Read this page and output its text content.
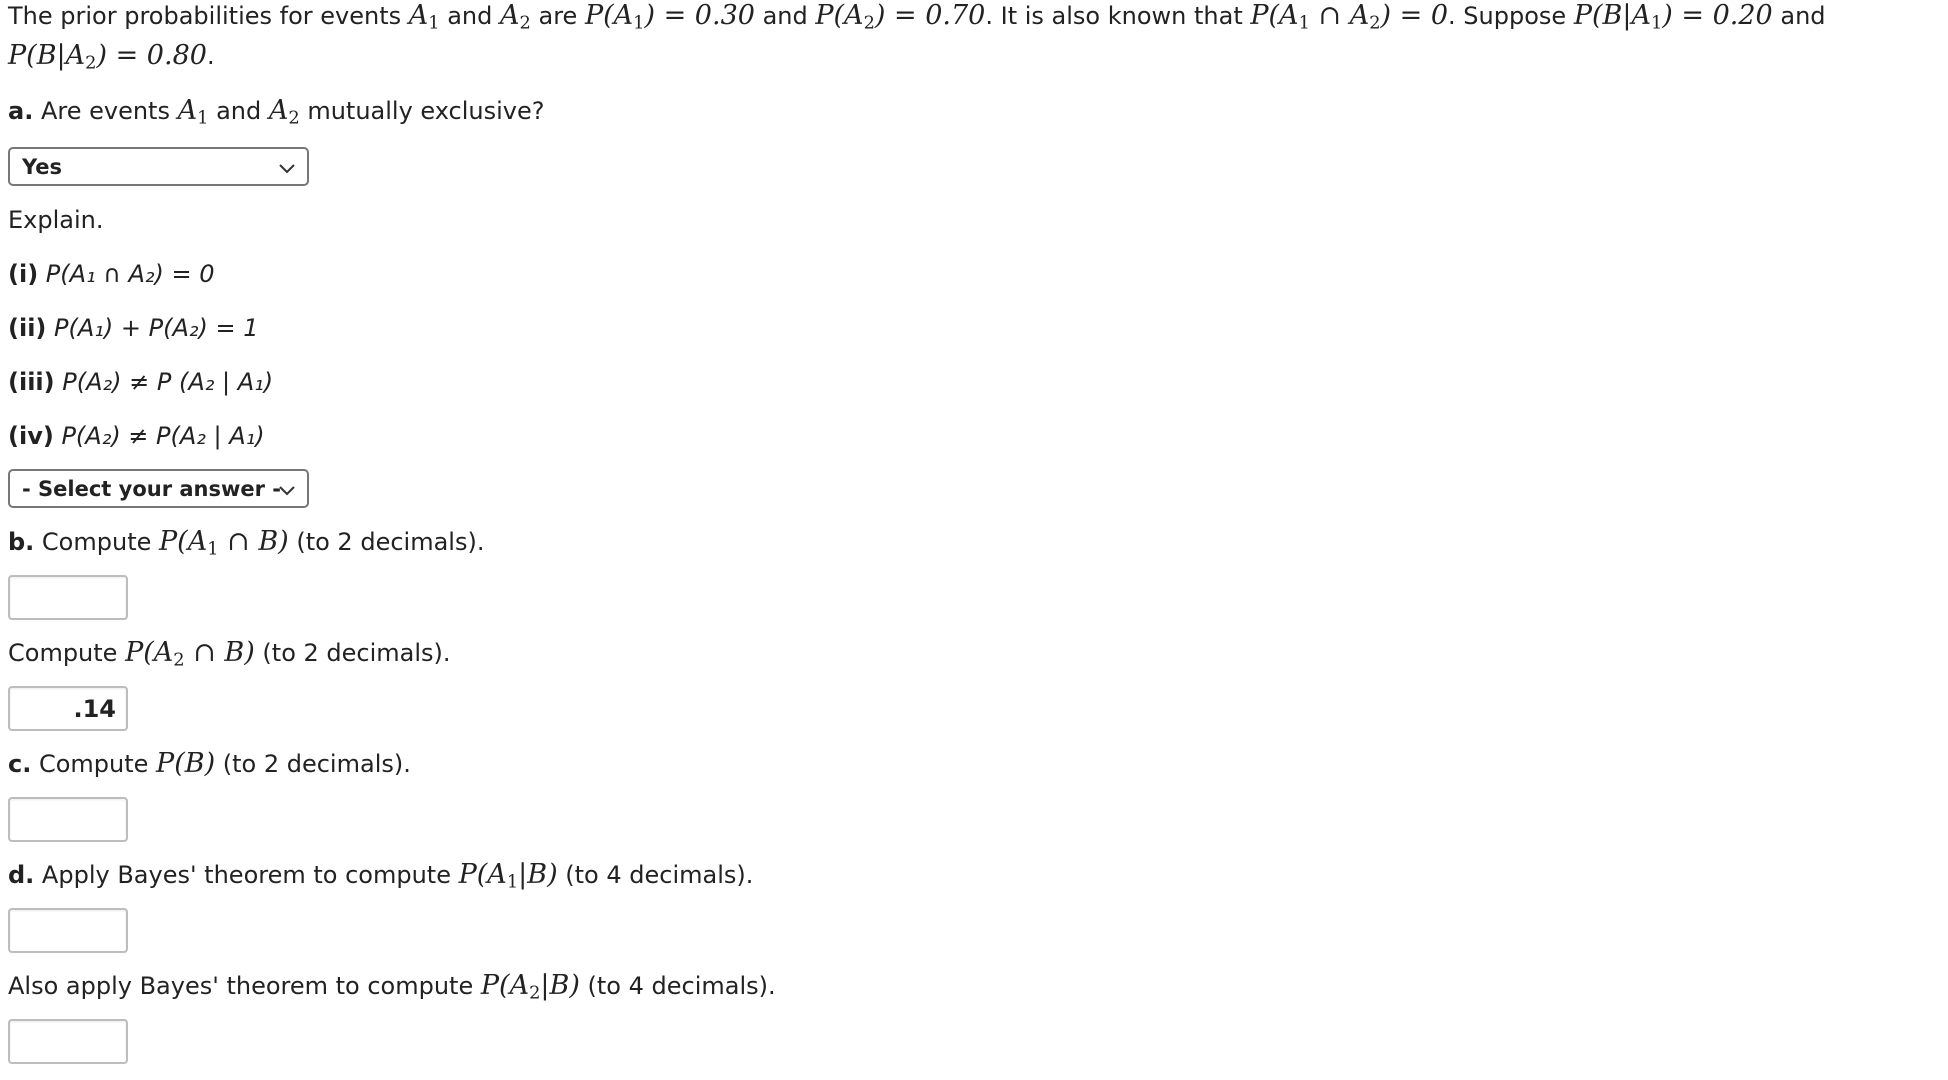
The prior probabilities for events $A_1$ and $A_2$ are $P(A_1) = 0.30$ and $P(A_2) = 0.70$. It is also known that $P(A_1$ ∩ $A_2) = 0$. Suppose $P(B|A_1) = 0.20$ and
$P(B|A_2) = 0.80$.
a. Are events $A_1$ and $A_2$ mutually exclusive?
Yes
Explain.
(i) P(A₁ ∩ A₂) = 0
(ii) P(A₁) + P(A₂) = 1
(iii) P(A₂) ≠ P (A₂ | A₁)
(iv) P(A₂) ≠ P(A₂ | A₁)
- Select your answer -
b. Compute $P(A_1$ ∩ B) (to 2 decimals).
Compute $P(A_2$ ∩ B) (to 2 decimals).
.14
c. Compute P(B) (to 2 decimals).
d. Apply Bayes' theorem to compute $P(A_1|B)$ (to 4 decimals).
Also apply Bayes' theorem to compute $P(A_2|B)$ (to 4 decimals).
